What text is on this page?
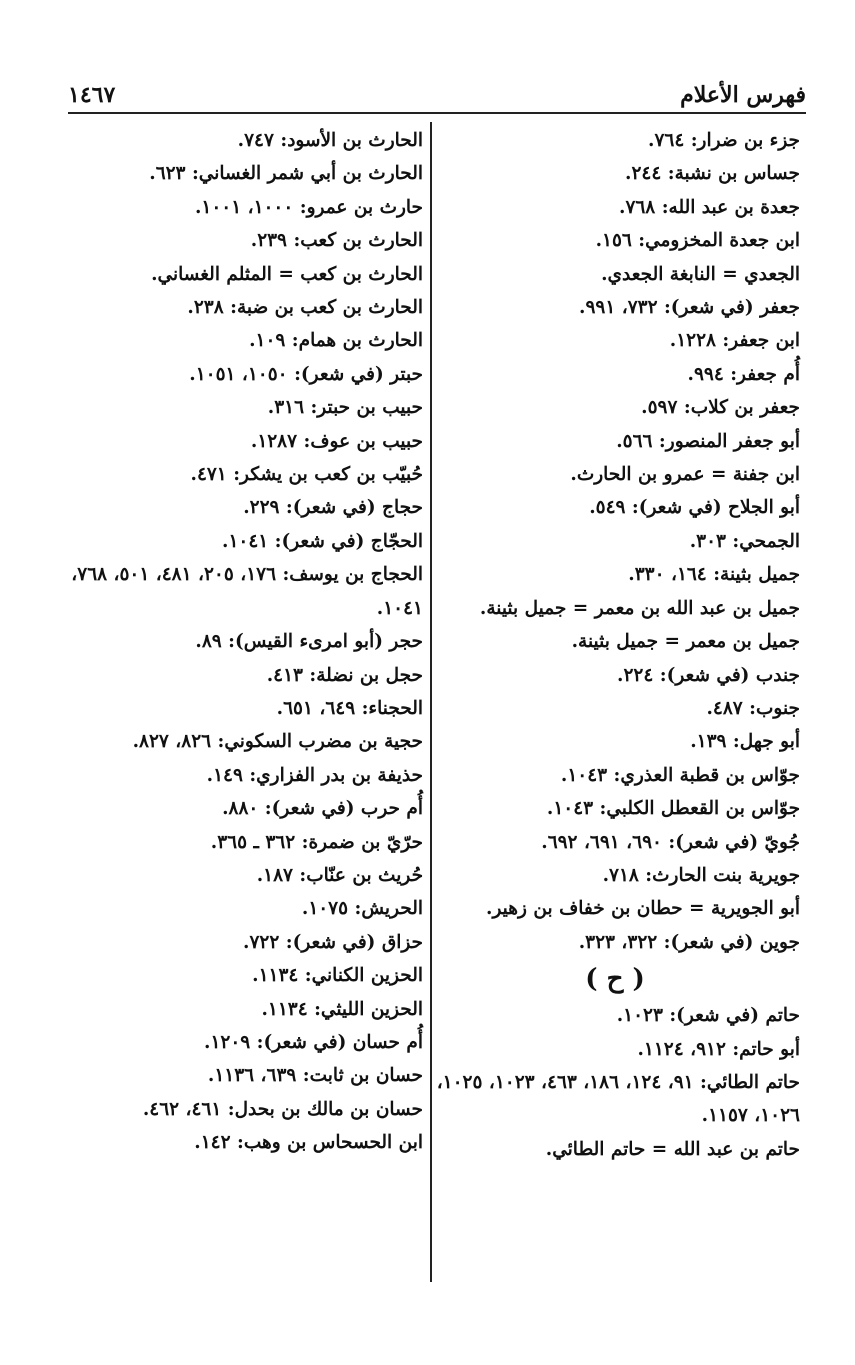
فهرس الأعلام
١٤٦٧
جزء بن ضرار: ٧٦٤.
جساس بن نشبة: ٢٤٤.
جعدة بن عبد الله: ٧٦٨.
ابن جعدة المخزومي: ١٥٦.
الجعدي = النابغة الجعدي.
جعفر (في شعر): ٧٣٢، ٩٩١.
ابن جعفر: ١٢٢٨.
أُم جعفر: ٩٩٤.
جعفر بن كلاب: ٥٩٧.
أبو جعفر المنصور: ٥٦٦.
ابن جفنة = عمرو بن الحارث.
أبو الجلاح (في شعر): ٥٤٩.
الجمحي: ٣٠٣.
جميل بثينة: ١٦٤، ٣٣٠.
جميل بن عبد الله بن معمر = جميل بثينة.
جميل بن معمر = جميل بثينة.
جندب (في شعر): ٢٢٤.
جنوب: ٤٨٧.
أبو جهل: ١٣٩.
جوّاس بن قطبة العذري: ١٠٤٣.
جوّاس بن القعطل الكلبي: ١٠٤٣.
جُويّ (في شعر): ٦٩٠، ٦٩١، ٦٩٢.
جويرية بنت الحارث: ٧١٨.
أبو الجويرية = حطان بن خفاف بن زهير.
جوين (في شعر): ٣٢٢، ٣٢٣.
( ح )
حاتم (في شعر): ١٠٢٣.
أبو حاتم: ٩١٢، ١١٢٤.
حاتم الطائي: ٩١، ١٢٤، ١٨٦، ٤٦٣، ١٠٢٣، ١٠٢٥، ١٠٢٦، ١١٥٧.
حاتم بن عبد الله = حاتم الطائي.
الحارث بن الأسود: ٧٤٧.
الحارث بن أبي شمر الغساني: ٦٢٣.
حارث بن عمرو: ١٠٠٠، ١٠٠١.
الحارث بن كعب: ٢٣٩.
الحارث بن كعب = المثلم الغساني.
الحارث بن كعب بن ضبة: ٢٣٨.
الحارث بن همام: ١٠٩.
حبتر (في شعر): ١٠٥٠، ١٠٥١.
حبيب بن حبتر: ٣١٦.
حبيب بن عوف: ١٢٨٧.
حُبيّب بن كعب بن يشكر: ٤٧١.
حجاج (في شعر): ٢٢٩.
الحجّاج (في شعر): ١٠٤١.
الحجاج بن يوسف: ١٧٦، ٢٠٥، ٤٨١، ٥٠١، ٧٦٨، ١٠٤١.
حجر (أبو امرىء القيس): ٨٩.
حجل بن نضلة: ٤١٣.
الحجناء: ٦٤٩، ٦٥١.
حجية بن مضرب السكوني: ٨٢٦، ٨٢٧.
حذيفة بن بدر الفزاري: ١٤٩.
أُم حرب (في شعر): ٨٨٠.
حرّيّ بن ضمرة: ٣٦٢ ـ ٣٦٥.
حُريث بن عنّاب: ١٨٧.
الحريش: ١٠٧٥.
حزاق (في شعر): ٧٢٢.
الحزين الكناني: ١١٣٤.
الحزين الليثي: ١١٣٤.
أُم حسان (في شعر): ١٢٠٩.
حسان بن ثابت: ٦٣٩، ١١٣٦.
حسان بن مالك بن بحدل: ٤٦١، ٤٦٢.
ابن الحسحاس بن وهب: ١٤٢.
